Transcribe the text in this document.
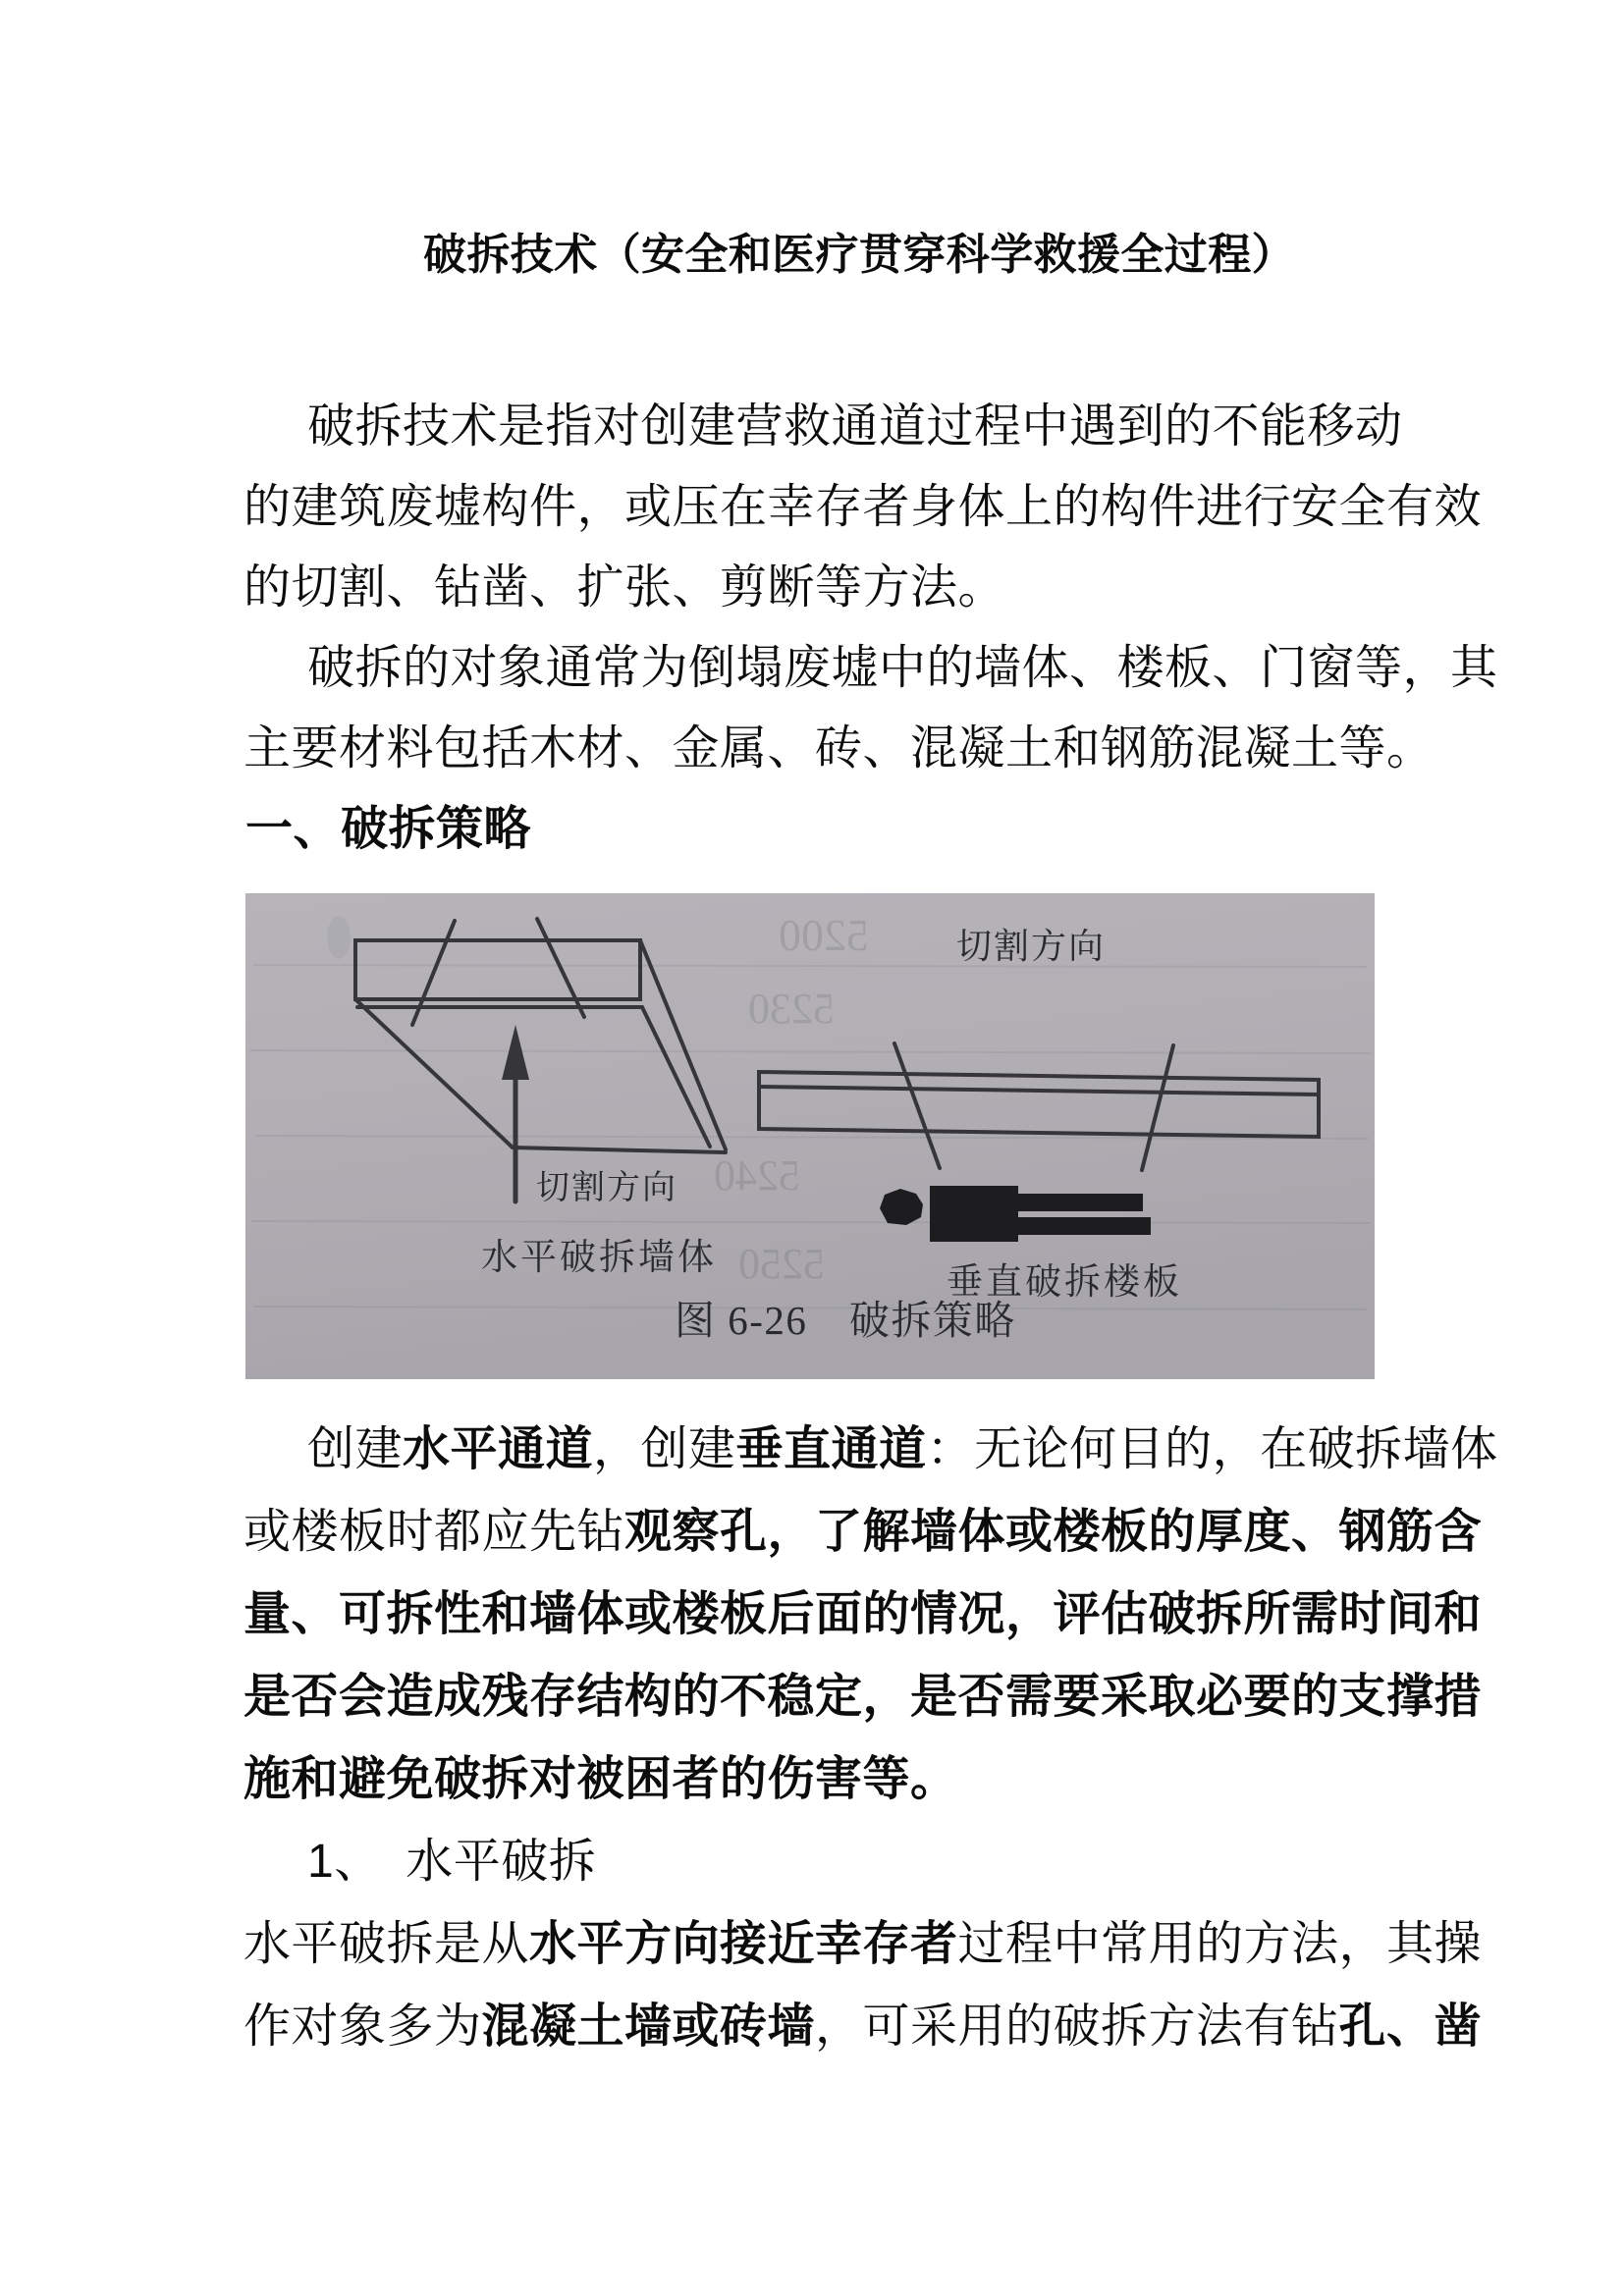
破拆技术（安全和医疗贯穿科学救援全过程）
破拆技术是指对创建营救通道过程中遇到的不能移动
的建筑废墟构件，或压在幸存者身体上的构件进行安全有效
的切割、钻凿、扩张、剪断等方法。
破拆的对象通常为倒塌废墟中的墙体、楼板、门窗等，其
主要材料包括木材、金属、砖、混凝土和钢筋混凝土等。
一、破拆策略
5200
5230
5240
5250
切割方向
水平破拆墙体
切割方向
垂直破拆楼板
图 6-26　破拆策略
创建水平通道，创建垂直通道：无论何目的，在破拆墙体
或楼板时都应先钻观察孔，了解墙体或楼板的厚度、钢筋含
量、可拆性和墙体或楼板后面的情况，评估破拆所需时间和
是否会造成残存结构的不稳定，是否需要采取必要的支撑措
施和避免破拆对被困者的伤害等。
1、　水平破拆
水平破拆是从水平方向接近幸存者过程中常用的方法，其操
作对象多为混凝土墙或砖墙，可采用的破拆方法有钻孔、凿
